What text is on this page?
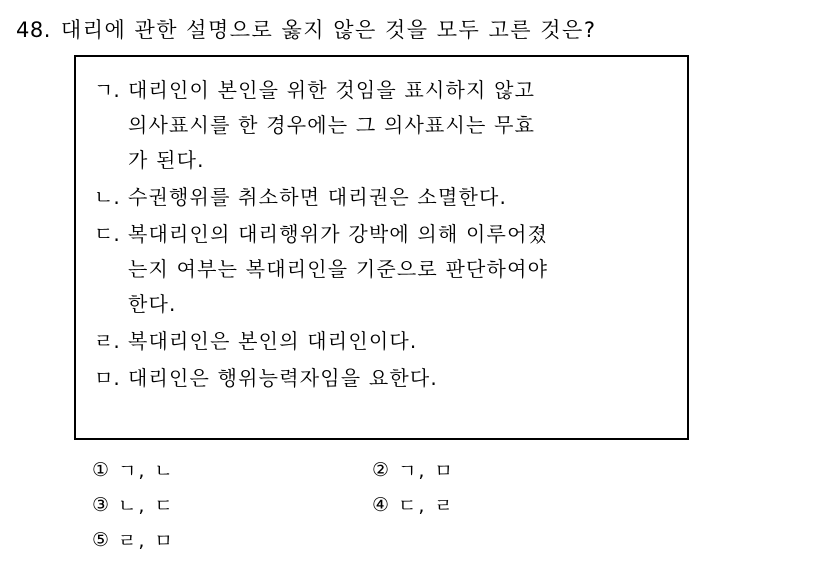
48. 대리에 관한 설명으로 옳지 않은 것을 모두 고른 것은?
ㄱ. 대리인이 본인을 위한 것임을 표시하지 않고
의사표시를 한 경우에는 그 의사표시는 무효
가 된다.
ㄴ. 수권행위를 취소하면 대리권은 소멸한다.
ㄷ. 복대리인의 대리행위가 강박에 의해 이루어졌
는지 여부는 복대리인을 기준으로 판단하여야
한다.
ㄹ. 복대리인은 본인의 대리인이다.
ㅁ. 대리인은 행위능력자임을 요한다.
① ㄱ, ㄴ	② ㄱ, ㅁ
③ ㄴ, ㄷ	④ ㄷ, ㄹ
⑤ ㄹ, ㅁ
